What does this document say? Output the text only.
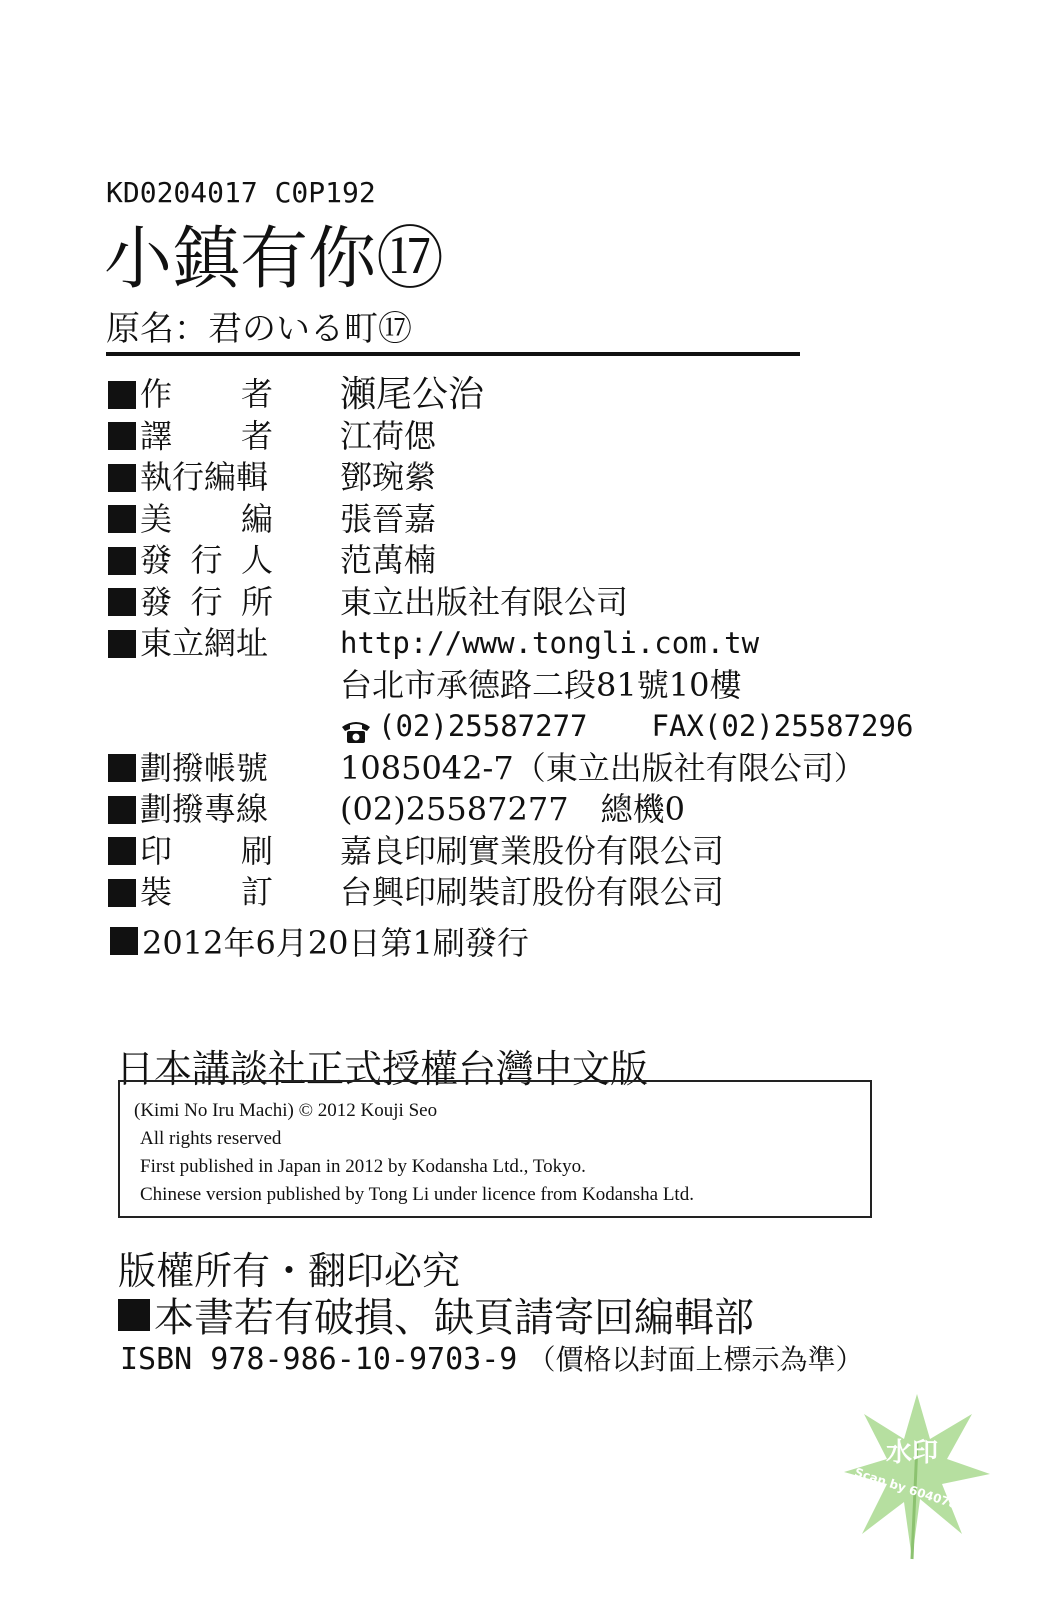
KD0204017 C0P192
小鎮有你⑰
原名：君のいる町⑰
作 者 瀬尾公治
譯 者 江荷偲
執行編輯 鄧琬縈
美 編 張晉嘉
發 行 人 范萬楠
發 行 所 東立出版社有限公司
東立網址 http://www.tongli.com.tw
台北市承德路二段81號10樓
(02)25587277 FAX(02)25587296
劃撥帳號 1085042-7（東立出版社有限公司）
劃撥專線 (02)25587277　總機0
印 刷 嘉良印刷實業股份有限公司
裝 訂 台興印刷裝訂股份有限公司
2012年6月20日第1刷發行
日本講談社正式授權台灣中文版
(Kimi No Iru Machi) © 2012 Kouji Seo
All rights reserved
First published in Japan in 2012 by Kodansha Ltd., Tokyo.
Chinese version published by Tong Li under licence from Kodansha Ltd.
版權所有・翻印必究
本書若有破損、缺頁請寄回編輯部
ISBN 978-986-10-9703-9 （價格以封面上標示為準）
水印
Scan by 60407811
